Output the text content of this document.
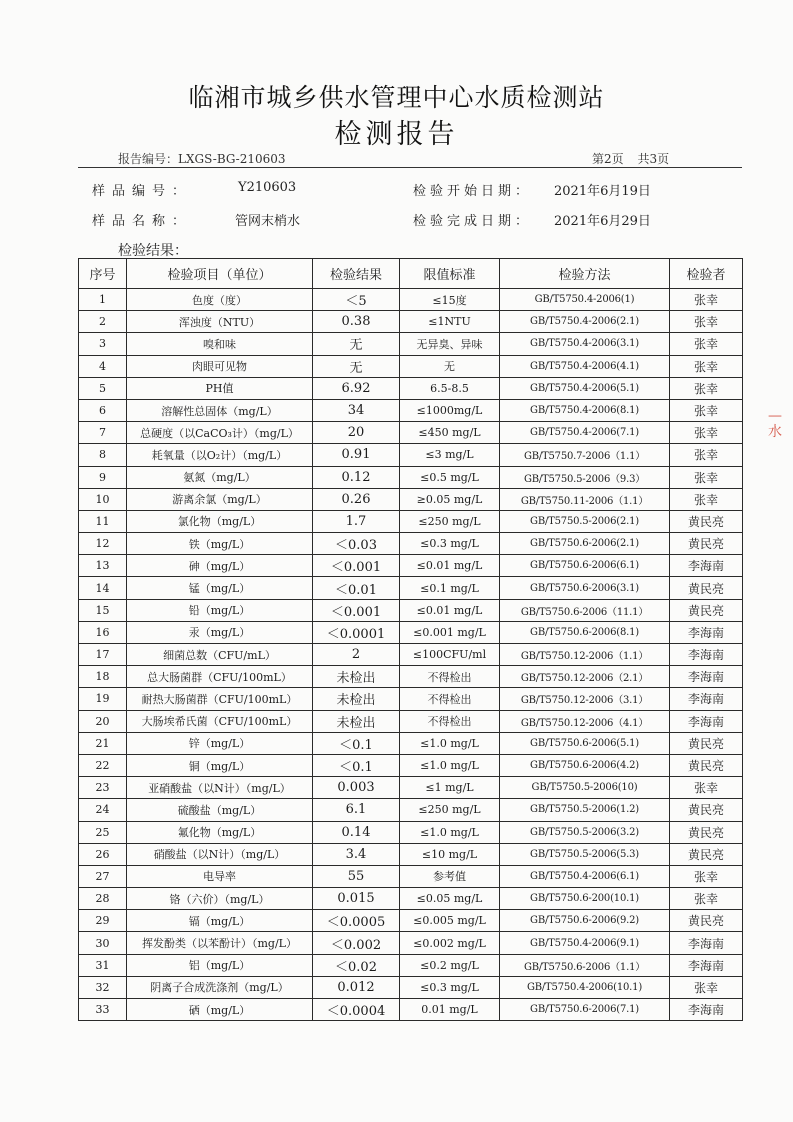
临湘市城乡供水管理中心水质检测站
检测报告
报告编号：LXGS-BG-210603	第2页 共3页
样品编号：	Y210603	检验开始日期： 2021年6月19日
样品名称：	管网末梢水	检验完成日期： 2021年6月29日
检验结果：
序号	检验项目（单位）	检验结果	限值标准	检验方法	检验者
1	色度（度）	＜5	≤15度	GB/T5750.4-2006(1)	张幸
2	浑浊度（NTU）	0.38	≤1NTU	GB/T5750.4-2006(2.1)	张幸
3	嗅和味	无	无异臭、异味	GB/T5750.4-2006(3.1)	张幸
4	肉眼可见物	无	无	GB/T5750.4-2006(4.1)	张幸
5	PH值	6.92	6.5-8.5	GB/T5750.4-2006(5.1)	张幸
6	溶解性总固体（mg/L）	34	≤1000mg/L	GB/T5750.4-2006(8.1)	张幸
7	总硬度（以CaCO₃计）（mg/L）	20	≤450 mg/L	GB/T5750.4-2006(7.1)	张幸
8	耗氧量（以O₂计）（mg/L）	0.91	≤3 mg/L	GB/T5750.7-2006（1.1）	张幸
9	氨氮（mg/L）	0.12	≤0.5 mg/L	GB/T5750.5-2006（9.3）	张幸
10	游离余氯（mg/L）	0.26	≥0.05 mg/L	GB/T5750.11-2006（1.1）	张幸
11	氯化物（mg/L）	1.7	≤250 mg/L	GB/T5750.5-2006(2.1)	黄民亮
12	铁（mg/L）	＜0.03	≤0.3 mg/L	GB/T5750.6-2006(2.1)	黄民亮
13	砷（mg/L）	＜0.001	≤0.01 mg/L	GB/T5750.6-2006(6.1)	李海南
14	锰（mg/L）	＜0.01	≤0.1 mg/L	GB/T5750.6-2006(3.1)	黄民亮
15	铅（mg/L）	＜0.001	≤0.01 mg/L	GB/T5750.6-2006（11.1）	黄民亮
16	汞（mg/L）	＜0.0001	≤0.001 mg/L	GB/T5750.6-2006(8.1)	李海南
17	细菌总数（CFU/mL）	2	≤100CFU/ml	GB/T5750.12-2006（1.1）	李海南
18	总大肠菌群（CFU/100mL）	未检出	不得检出	GB/T5750.12-2006（2.1）	李海南
19	耐热大肠菌群（CFU/100mL）	未检出	不得检出	GB/T5750.12-2006（3.1）	李海南
20	大肠埃希氏菌（CFU/100mL）	未检出	不得检出	GB/T5750.12-2006（4.1）	李海南
21	锌（mg/L）	＜0.1	≤1.0 mg/L	GB/T5750.6-2006(5.1)	黄民亮
22	铜（mg/L）	＜0.1	≤1.0 mg/L	GB/T5750.6-2006(4.2)	黄民亮
23	亚硝酸盐（以N计）（mg/L）	0.003	≤1 mg/L	GB/T5750.5-2006(10)	张幸
24	硫酸盐（mg/L）	6.1	≤250 mg/L	GB/T5750.5-2006(1.2)	黄民亮
25	氟化物（mg/L）	0.14	≤1.0 mg/L	GB/T5750.5-2006(3.2)	黄民亮
26	硝酸盐（以N计）（mg/L）	3.4	≤10 mg/L	GB/T5750.5-2006(5.3)	黄民亮
27	电导率	55	参考值	GB/T5750.4-2006(6.1)	张幸
28	铬（六价）（mg/L）	0.015	≤0.05 mg/L	GB/T5750.6-200(10.1)	张幸
29	镉（mg/L）	＜0.0005	≤0.005 mg/L	GB/T5750.6-2006(9.2)	黄民亮
30	挥发酚类（以苯酚计）（mg/L）	＜0.002	≤0.002 mg/L	GB/T5750.4-2006(9.1)	李海南
31	铝（mg/L）	＜0.02	≤0.2 mg/L	GB/T5750.6-2006（1.1）	李海南
32	阴离子合成洗涤剂（mg/L）	0.012	≤0.3 mg/L	GB/T5750.4-2006(10.1)	张幸
33	硒（mg/L）	＜0.0004	0.01 mg/L	GB/T5750.6-2006(7.1)	李海南
—
水
